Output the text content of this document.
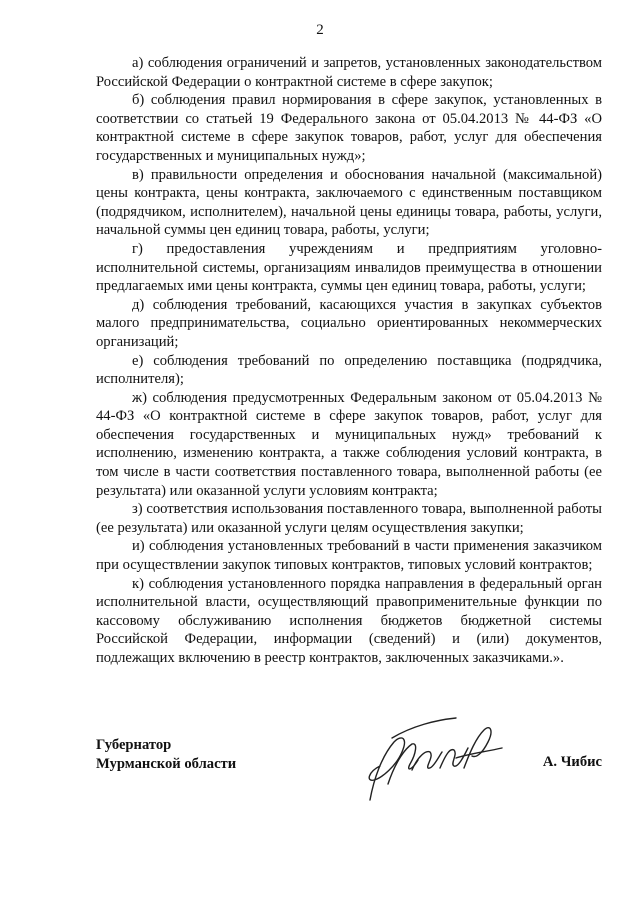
2

а) соблюдения ограничений и запретов, установленных законодательством Российской Федерации о контрактной системе в сфере закупок;

б) соблюдения правил нормирования в сфере закупок, установленных в соответствии со статьей 19 Федерального закона от 05.04.2013 № 44-ФЗ «О контрактной системе в сфере закупок товаров, работ, услуг для обеспечения государственных и муниципальных нужд»;

в) правильности определения и обоснования начальной (максимальной) цены контракта, цены контракта, заключаемого с единственным поставщиком (подрядчиком, исполнителем), начальной цены единицы товара, работы, услуги, начальной суммы цен единиц товара, работы, услуги;

г) предоставления учреждениям и предприятиям уголовно-исполнительной системы, организациям инвалидов преимущества в отношении предлагаемых ими цены контракта, суммы цен единиц товара, работы, услуги;

д) соблюдения требований, касающихся участия в закупках субъектов малого предпринимательства, социально ориентированных некоммерческих организаций;

е) соблюдения требований по определению поставщика (подрядчика, исполнителя);

ж) соблюдения предусмотренных Федеральным законом от 05.04.2013 № 44-ФЗ «О контрактной системе в сфере закупок товаров, работ, услуг для обеспечения государственных и муниципальных нужд» требований к исполнению, изменению контракта, а также соблюдения условий контракта, в том числе в части соответствия поставленного товара, выполненной работы (ее результата) или оказанной услуги условиям контракта;

з) соответствия использования поставленного товара, выполненной работы (ее результата) или оказанной услуги целям осуществления закупки;

и) соблюдения установленных требований в части применения заказчиком при осуществлении закупок типовых контрактов, типовых условий контрактов;

к) соблюдения установленного порядка направления в федеральный орган исполнительной власти, осуществляющий правоприменительные функции по кассовому обслуживанию исполнения бюджетов бюджетной системы Российской Федерации, информации (сведений) и (или) документов, подлежащих включению в реестр контрактов, заключенных заказчиками.».

Губернатор
Мурманской области	А. Чибис
